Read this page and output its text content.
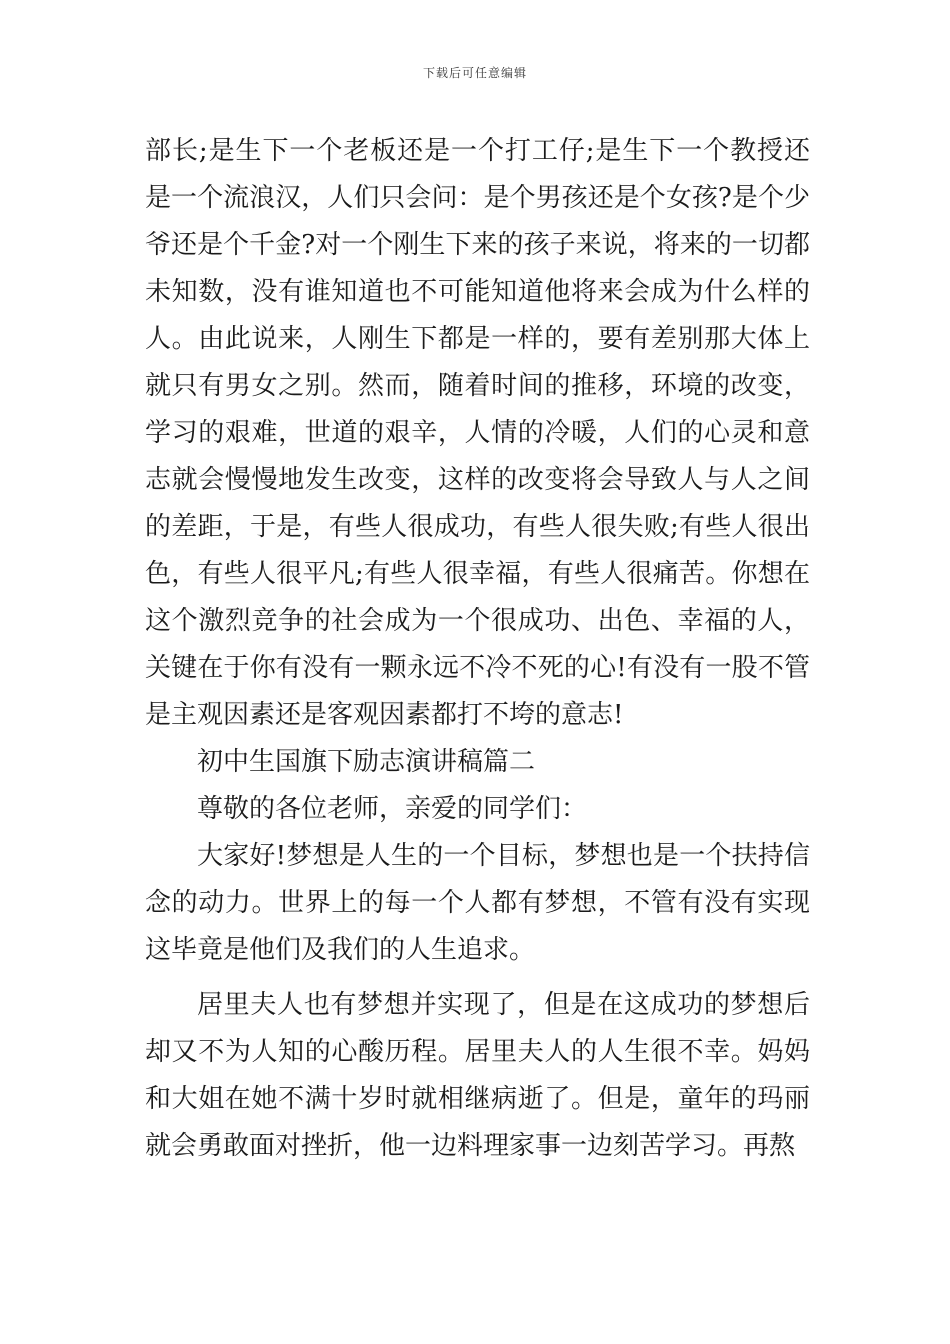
下载后可任意编辑

部长;是生下一个老板还是一个打工仔;是生下一个教授还是一个流浪汉，人们只会问：是个男孩还是个女孩?是个少爷还是个千金?对一个刚生下来的孩子来说，将来的一切都未知数，没有谁知道也不可能知道他将来会成为什么样的人。由此说来，人刚生下都是一样的，要有差别那大体上就只有男女之别。然而，随着时间的推移，环境的改变，学习的艰难，世道的艰辛，人情的冷暖，人们的心灵和意志就会慢慢地发生改变，这样的改变将会导致人与人之间的差距，于是，有些人很成功，有些人很失败;有些人很出色，有些人很平凡;有些人很幸福，有些人很痛苦。你想在这个激烈竞争的社会成为一个很成功、出色、幸福的人，关键在于你有没有一颗永远不冷不死的心!有没有一股不管是主观因素还是客观因素都打不垮的意志!

初中生国旗下励志演讲稿篇二

尊敬的各位老师，亲爱的同学们：

大家好!梦想是人生的一个目标，梦想也是一个扶持信念的动力。世界上的每一个人都有梦想，不管有没有实现这毕竟是他们及我们的人生追求。

居里夫人也有梦想并实现了，但是在这成功的梦想后却又不为人知的心酸历程。居里夫人的人生很不幸。妈妈和大姐在她不满十岁时就相继病逝了。但是，童年的玛丽就会勇敢面对挫折，他一边料理家事一边刻苦学习。再熬
